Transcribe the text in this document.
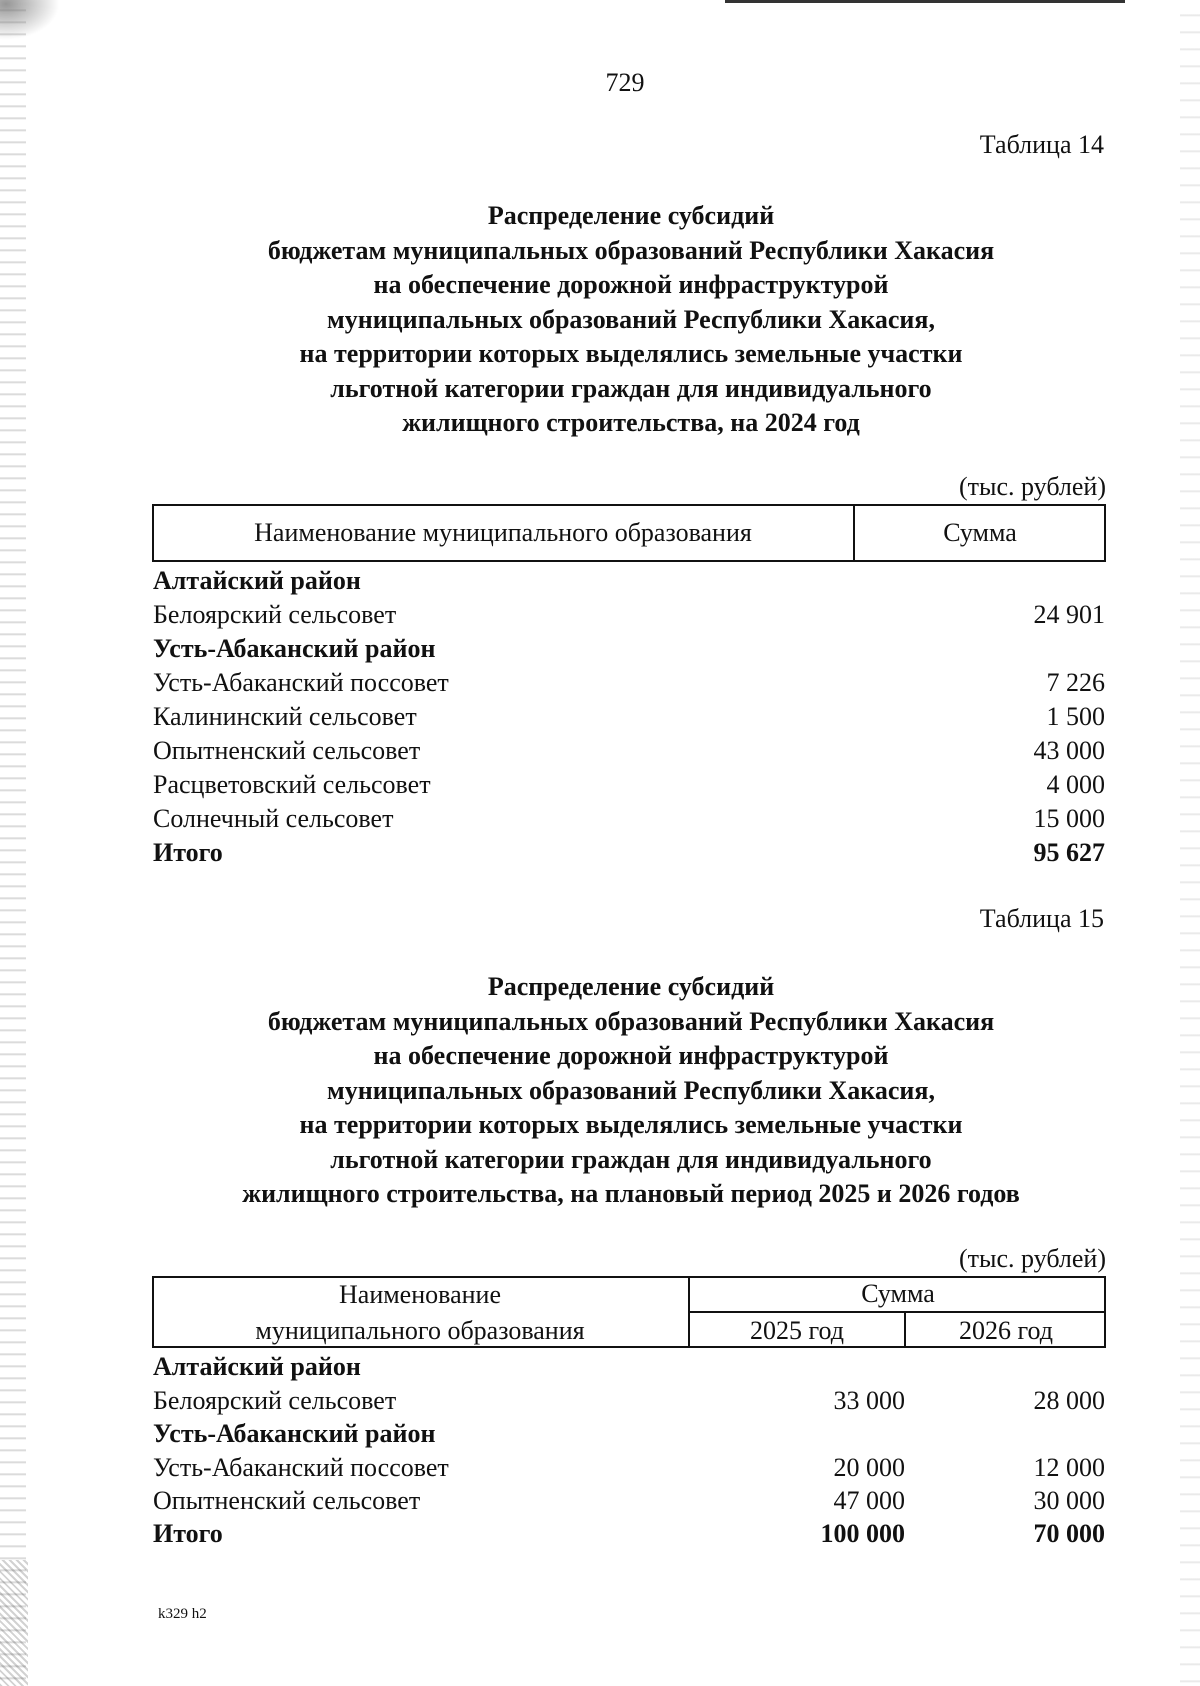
729
Таблица 14
Распределение субсидий
бюджетам муниципальных образований Республики Хакасия
на обеспечение дорожной инфраструктурой
муниципальных образований Республики Хакасия,
на территории которых выделялись земельные участки
льготной категории граждан для индивидуального
жилищного строительства, на 2024 год
(тыс. рублей)
Наименование муниципального образования	Сумма
Алтайский район
Белоярский сельсовет	24 901
Усть-Абаканский район
Усть-Абаканский поссовет	7 226
Калининский сельсовет	1 500
Опытненский сельсовет	43 000
Расцветовский сельсовет	4 000
Солнечный сельсовет	15 000
Итого	95 627
Таблица 15
Распределение субсидий
бюджетам муниципальных образований Республики Хакасия
на обеспечение дорожной инфраструктурой
муниципальных образований Республики Хакасия,
на территории которых выделялись земельные участки
льготной категории граждан для индивидуального
жилищного строительства, на плановый период 2025 и 2026 годов
(тыс. рублей)
Наименование
муниципального образования
Сумма
2025 год	2026 год
Алтайский район
Белоярский сельсовет	33 000	28 000
Усть-Абаканский район
Усть-Абаканский поссовет	20 000	12 000
Опытненский сельсовет	47 000	30 000
Итого	100 000	70 000
k329 h2
